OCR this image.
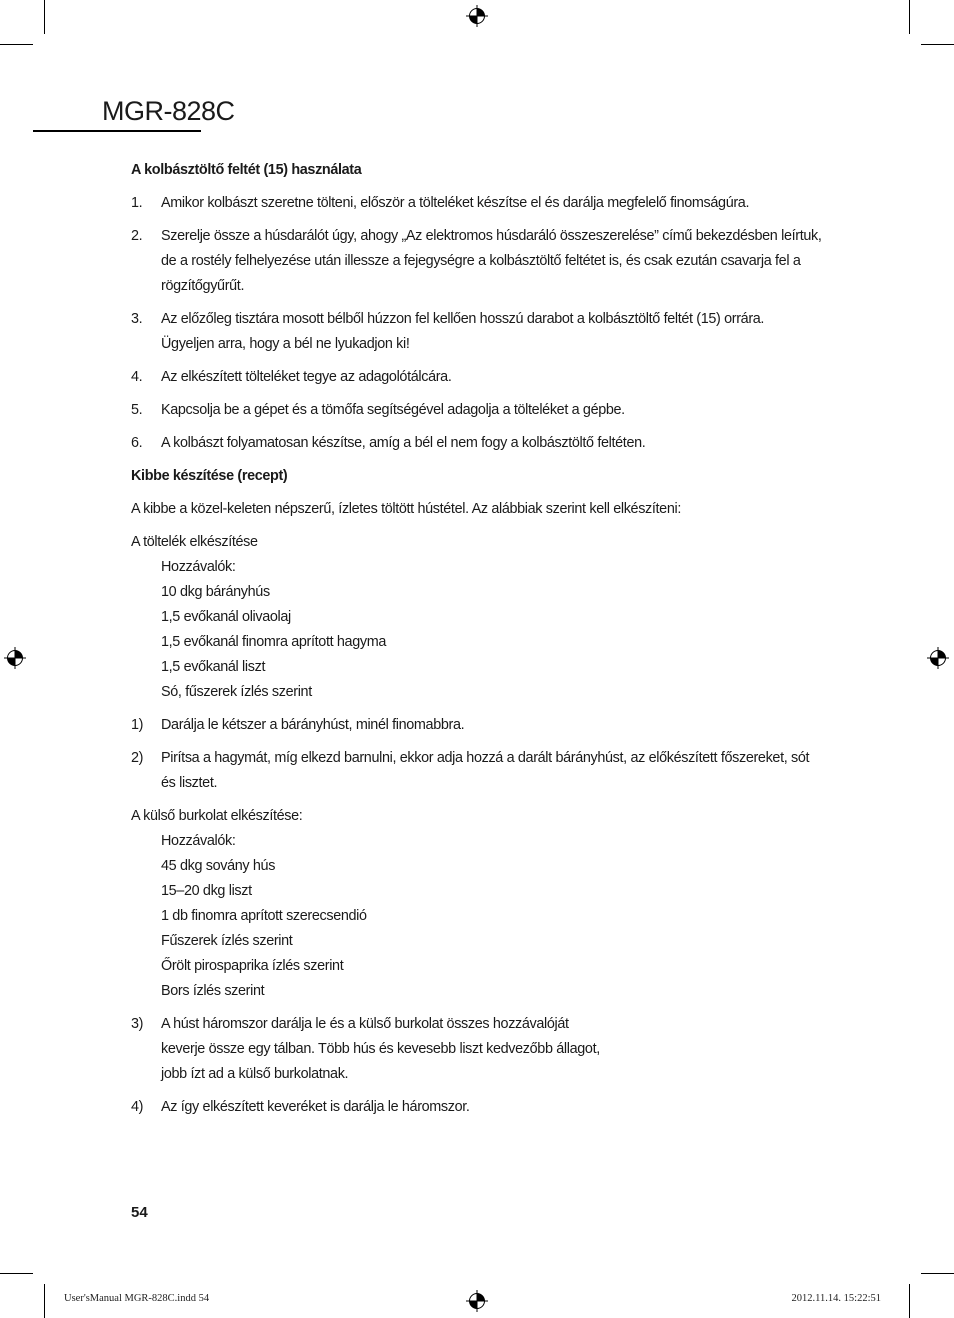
MGR-828C
A kolbásztöltő feltét (15) használata
1. Amikor kolbászt szeretne tölteni, először a tölteléket készítse el és darálja megfelelő finomságúra.
2. Szerelje össze a húsdarálót úgy, ahogy „Az elektromos húsdaráló összeszerelése” című bekezdésben leírtuk,
de a rostély felhelyezése után illessze a fejegységre a kolbásztöltő feltétet is, és csak ezután csavarja fel a
rögzítőgyűrűt.
3. Az előzőleg tisztára mosott bélből húzzon fel kellően hosszú darabot a kolbásztöltő feltét (15) orrára.
Ügyeljen arra, hogy a bél ne lyukadjon ki!
4. Az elkészített tölteléket tegye az adagolótálcára.
5. Kapcsolja be a gépet és a tömőfa segítségével adagolja a tölteléket a gépbe.
6. A kolbászt folyamatosan készítse, amíg a bél el nem fogy a kolbásztöltő feltéten.
Kibbe készítése (recept)

A kibbe a közel-keleten népszerű, ízletes töltött hústétel. Az alábbiak szerint kell elkészíteni:

A töltelék elkészítése
Hozzávalók:
10 dkg bárányhús
1,5 evőkanál olivaolaj
1,5 evőkanál finomra aprított hagyma
1,5 evőkanál liszt
Só, fűszerek ízlés szerint
1) Darálja le kétszer a bárányhúst, minél finomabbra.
2) Pirítsa a hagymát, míg elkezd barnulni, ekkor adja hozzá a darált bárányhúst, az előkészített főszereket, sót
és lisztet.
A külső burkolat elkészítése:
Hozzávalók:
45 dkg sovány hús
15–20 dkg liszt
1 db finomra aprított szerecsendió
Fűszerek ízlés szerint
Őrölt pirospaprika ízlés szerint
Bors ízlés szerint
3) A húst háromszor darálja le és a külső burkolat összes hozzávalóját
keverje össze egy tálban. Több hús és kevesebb liszt kedvezőbb állagot,
jobb ízt ad a külső burkolatnak.
4) Az így elkészített keveréket is darálja le háromszor.
54
User'sManual MGR-828C.indd 54	2012.11.14. 15:22:51
